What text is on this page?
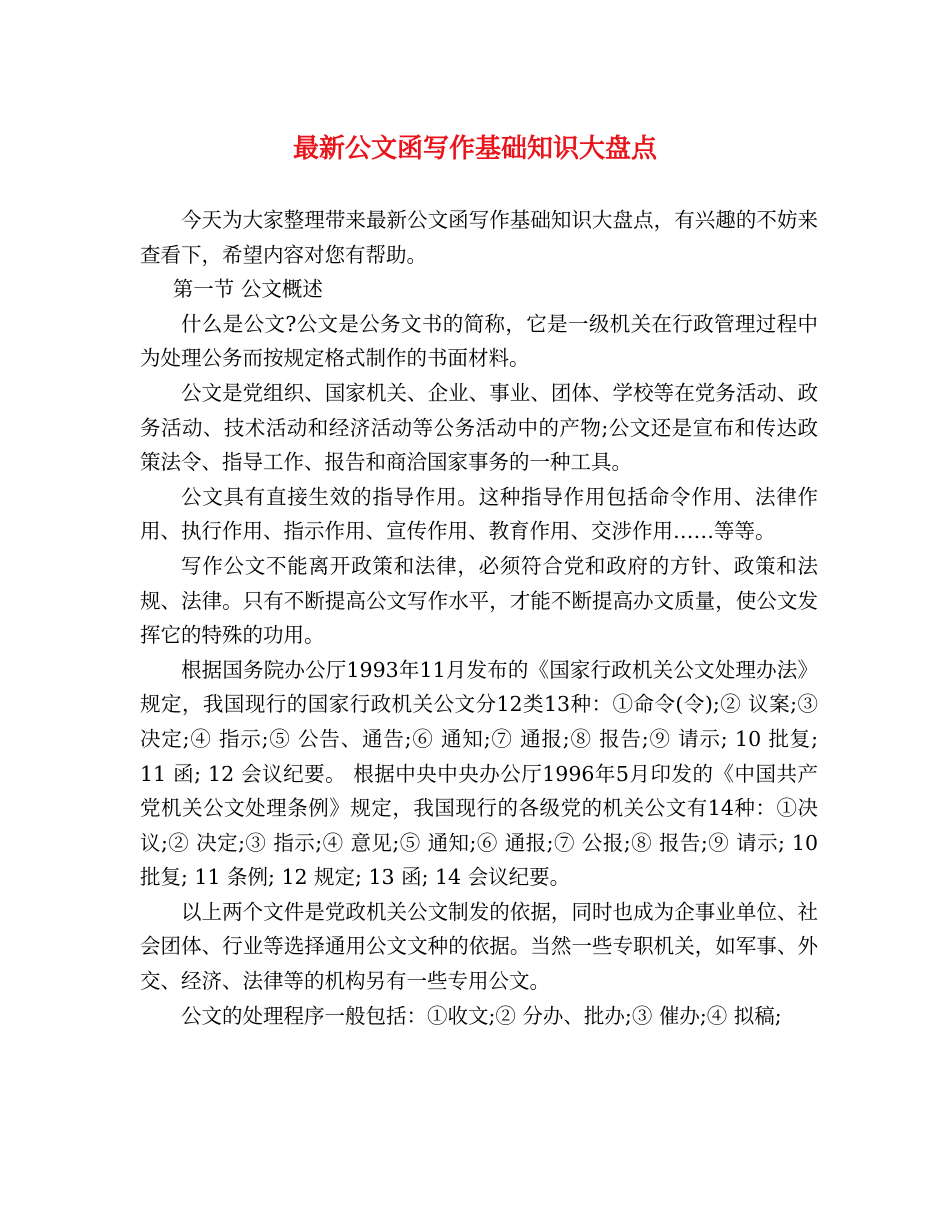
最新公文函写作基础知识大盘点

今天为大家整理带来最新公文函写作基础知识大盘点，有兴趣的不妨来查看下，希望内容对您有帮助。

第一节 公文概述

什么是公文?公文是公务文书的简称，它是一级机关在行政管理过程中为处理公务而按规定格式制作的书面材料。

公文是党组织、国家机关、企业、事业、团体、学校等在党务活动、政务活动、技术活动和经济活动等公务活动中的产物;公文还是宣布和传达政策法令、指导工作、报告和商洽国家事务的一种工具。

公文具有直接生效的指导作用。这种指导作用包括命令作用、法律作用、执行作用、指示作用、宣传作用、教育作用、交涉作用……等等。

写作公文不能离开政策和法律，必须符合党和政府的方针、政策和法规、法律。只有不断提高公文写作水平，才能不断提高办文质量，使公文发挥它的特殊的功用。

根据国务院办公厅1993年11月发布的《国家行政机关公文处理办法》规定，我国现行的国家行政机关公文分12类13种：①命令(令);② 议案;③ 决定;④ 指示;⑤ 公告、通告;⑥ 通知;⑦ 通报;⑧ 报告;⑨ 请示; 10 批复; 11 函; 12 会议纪要。 根据中央中央办公厅1996年5月印发的《中国共产党机关公文处理条例》规定，我国现行的各级党的机关公文有14种：①决议;② 决定;③ 指示;④ 意见;⑤ 通知;⑥ 通报;⑦ 公报;⑧ 报告;⑨ 请示; 10 批复; 11 条例; 12 规定; 13 函; 14 会议纪要。

以上两个文件是党政机关公文制发的依据，同时也成为企事业单位、社会团体、行业等选择通用公文文种的依据。当然一些专职机关，如军事、外交、经济、法律等的机构另有一些专用公文。

公文的处理程序一般包括：①收文;② 分办、批办;③ 催办;④ 拟稿;
